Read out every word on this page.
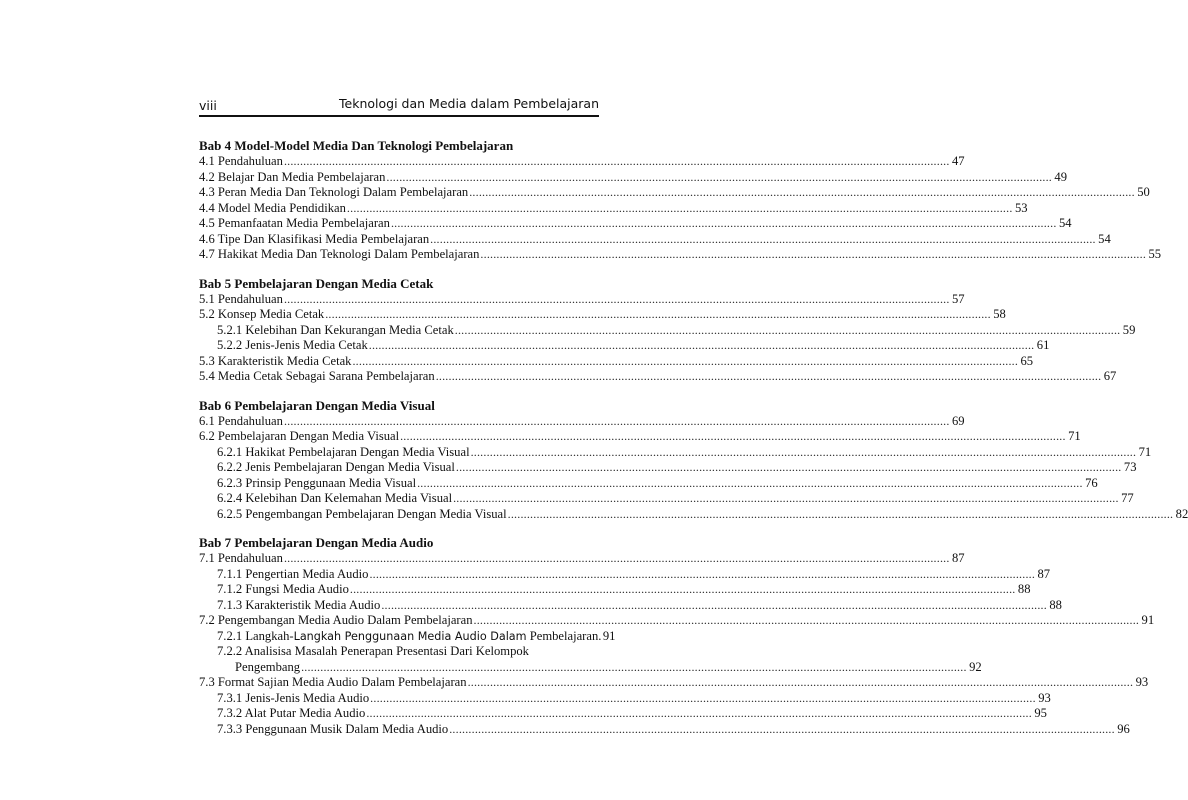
viii	Teknologi dan Media dalam Pembelajaran
Bab 4 Model-Model Media Dan Teknologi Pembelajaran
4.1 Pendahuluan .....	47
4.2 Belajar Dan Media Pembelajaran .....	49
4.3 Peran Media Dan Teknologi Dalam Pembelajaran .....	50
4.4 Model Media Pendidikan .....	53
4.5 Pemanfaatan Media Pembelajaran .....	54
4.6 Tipe Dan Klasifikasi Media Pembelajaran .....	54
4.7 Hakikat Media Dan Teknologi Dalam Pembelajaran .....	55
Bab 5 Pembelajaran Dengan Media Cetak
5.1 Pendahuluan .....	57
5.2 Konsep Media Cetak .....	58
5.2.1 Kelebihan Dan Kekurangan Media Cetak .....	59
5.2.2 Jenis-Jenis Media Cetak .....	61
5.3 Karakteristik Media Cetak .....	65
5.4 Media Cetak Sebagai Sarana Pembelajaran .....	67
Bab 6 Pembelajaran Dengan Media Visual
6.1 Pendahuluan .....	69
6.2 Pembelajaran Dengan Media Visual .....	71
6.2.1 Hakikat Pembelajaran Dengan Media Visual .....	71
6.2.2 Jenis Pembelajaran Dengan Media Visual .....	73
6.2.3 Prinsip Penggunaan Media Visual .....	76
6.2.4 Kelebihan Dan Kelemahan Media Visual .....	77
6.2.5 Pengembangan Pembelajaran Dengan Media Visual .....	82
Bab 7 Pembelajaran Dengan Media Audio
7.1 Pendahuluan .....	87
7.1.1 Pengertian Media Audio .....	87
7.1.2 Fungsi Media Audio .....	88
7.1.3 Karakteristik Media Audio .....	88
7.2 Pengembangan Media Audio Dalam Pembelajaran .....	91
7.2.1 Langkah-Langkah Penggunaan Media Audio Dalam Pembelajaran. 91
7.2.2 Analisisa Masalah Penerapan Presentasi Dari Kelompok
Pengembang .....	92
7.3 Format Sajian Media Audio Dalam Pembelajaran .....	93
7.3.1 Jenis-Jenis Media Audio .....	93
7.3.2 Alat Putar Media Audio .....	95
7.3.3 Penggunaan Musik Dalam Media Audio .....	96
